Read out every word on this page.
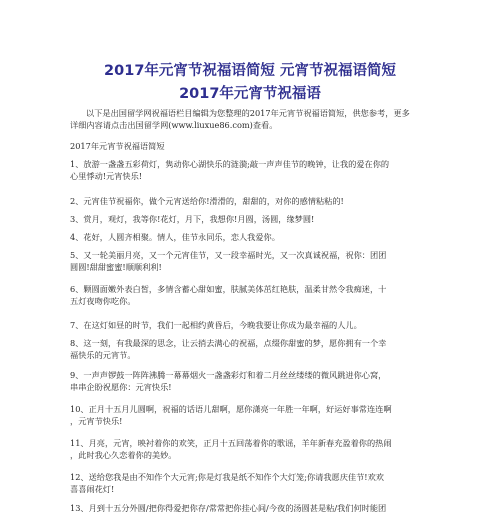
2017年元宵节祝福语简短 元宵节祝福语简短
2017年元宵节祝福语
以下是出国留学网祝福语栏目编辑为您整理的2017年元宵节祝福语简短，供您参考，更多
详细内容请点击出国留学网(www.liuxue86.com)查看。
2017年元宵节祝福语简短
1、放游一盏盏五彩荷灯，隽动你心湖快乐的涟漪;敲一声声佳节的晚钟，让我的爱在你的
心里悸动!元宵快乐!
2、元宵佳节祝福你，做个元宵送给你!滑滑的，甜甜的，对你的感情粘粘的!
3、赏月，观灯，我等你!花灯，月下，我想你!月圆，汤圆，缘梦圆!
4、花好，人圆齐相聚。情人，佳节永同乐，恋人我爱你。
5、又一轮美丽月亮，又一个元宵佳节，又一段幸福时光，又一次真诚祝福，祝你：团团
圆圆!甜甜蜜蜜!顺顺利利!
6、颗圆面嫩外表白皙，多情含蓄心甜如蜜，肤腻美体茁红艳肤，温柔甘然令我痴迷，十
五灯夜吻你吃你。
7、在这灯如昼的时节，我们一起相约黄昏后，今晚我要让你成为最幸福的人儿。
8、这一刻，有我最深的思念，让云捎去满心的祝福，点缀你甜蜜的梦，愿你拥有一个幸
福快乐的元宵节。
9、一声声锣鼓一阵阵沸腾一幕幕烟火一盏盏彩灯和着二月丝丝缕缕的微风跳进你心窝，
串串企盼祝愿你：元宵快乐!
10、正月十五月儿圆啊，祝福的话语儿甜啊，愿你潇亮一年胜一年啊，好运好事常连连啊
，元宵节快乐!
11、月亮，元宵，映衬着你的欢笑，正月十五回荡着你的歌谣，羊年新春充盈着你的热闹
，此时我心久恋着你的美妙。
12、送给您我是由不知作个大元宵;你是灯我是纸不知作个大灯笼;你请我愿庆佳节!欢欢
喜喜闹花灯!
13、月到十五分外圆/把你得爱把你存/常常把你挂心间/今夜的汤圆甚是粘/我们何时能团
